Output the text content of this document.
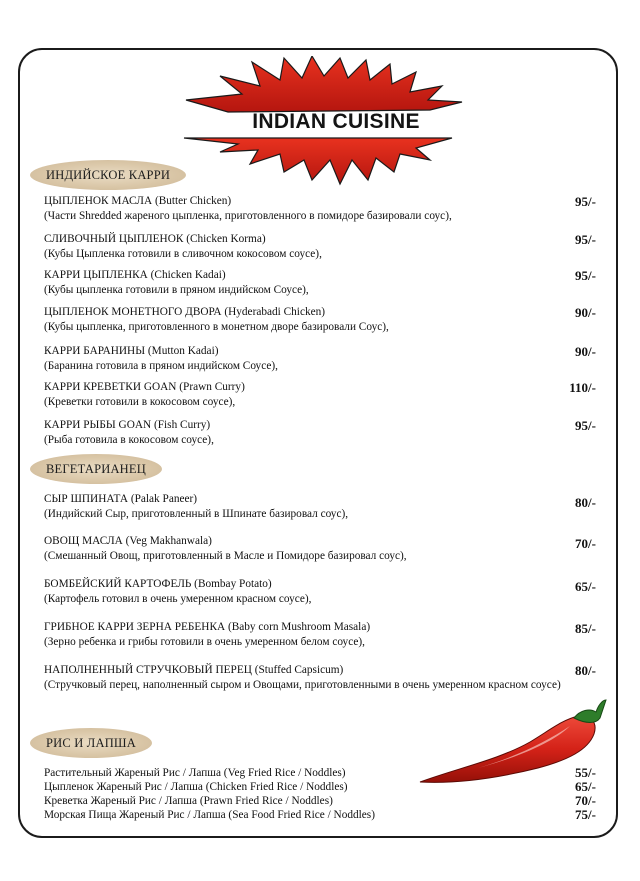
INDIAN CUISINE
ИНДИЙСКОЕ КАРРИ
ЦЫПЛЕНОК МАСЛА (Butter Chicken)
(Части Shredded жареного цыпленка, приготовленного в помидоре базировали соус),
95/-
СЛИВОЧНЫЙ ЦЫПЛЕНОК (Chicken Korma)
(Кубы Цыпленка готовили в сливочном кокосовом соусе),
95/-
КАРРИ ЦЫПЛЕНКА (Chicken Kadai)
(Кубы цыпленка готовили в пряном индийском Соусе),
95/-
ЦЫПЛЕНОК МОНЕТНОГО ДВОРА (Hyderabadi Chicken)
(Кубы цыпленка, приготовленного в монетном дворе базировали Соус),
90/-
КАРРИ БАРАНИНЫ (Mutton Kadai)
(Баранина готовила в пряном индийском Соусе),
90/-
КАРРИ КРЕВЕТКИ GOAN (Prawn Curry)
(Креветки готовили в кокосовом соусе),
110/-
КАРРИ РЫБЫ GOAN (Fish Curry)
(Рыба готовила в кокосовом соусе),
95/-
ВЕГЕТАРИАНЕЦ
СЫР ШПИНАТА (Palak Paneer)
(Индийский Сыр, приготовленный в Шпинате базировал соус),
80/-
ОВОЩ МАСЛА (Veg Makhanwala)
(Смешанный Овощ, приготовленный в Масле и Помидоре базировал соус),
70/-
БОМБЕЙСКИЙ КАРТОФЕЛЬ (Bombay Potato)
(Картофель готовил в очень умеренном красном соусе),
65/-
ГРИБНОЕ КАРРИ ЗЕРНА РЕБЕНКА (Baby corn Mushroom Masala)
(Зерно ребенка и грибы готовили в очень умеренном белом соусе),
85/-
НАПОЛНЕННЫЙ СТРУЧКОВЫЙ ПЕРЕЦ (Stuffed Capsicum)
(Стручковый перец, наполненный сыром и Овощами, приготовленными в очень умеренном красном соусе)
80/-
РИС И ЛАПША
Растительный Жареный Рис / Лапша (Veg Fried Rice / Noddles)	55/-
Цыпленок Жареный Рис / Лапша (Chicken Fried Rice / Noddles)	65/-
Креветка Жареный Рис / Лапша (Prawn Fried Rice / Noddles)	70/-
Морская Пища Жареный Рис / Лапша (Sea Food Fried Rice / Noddles)	75/-
